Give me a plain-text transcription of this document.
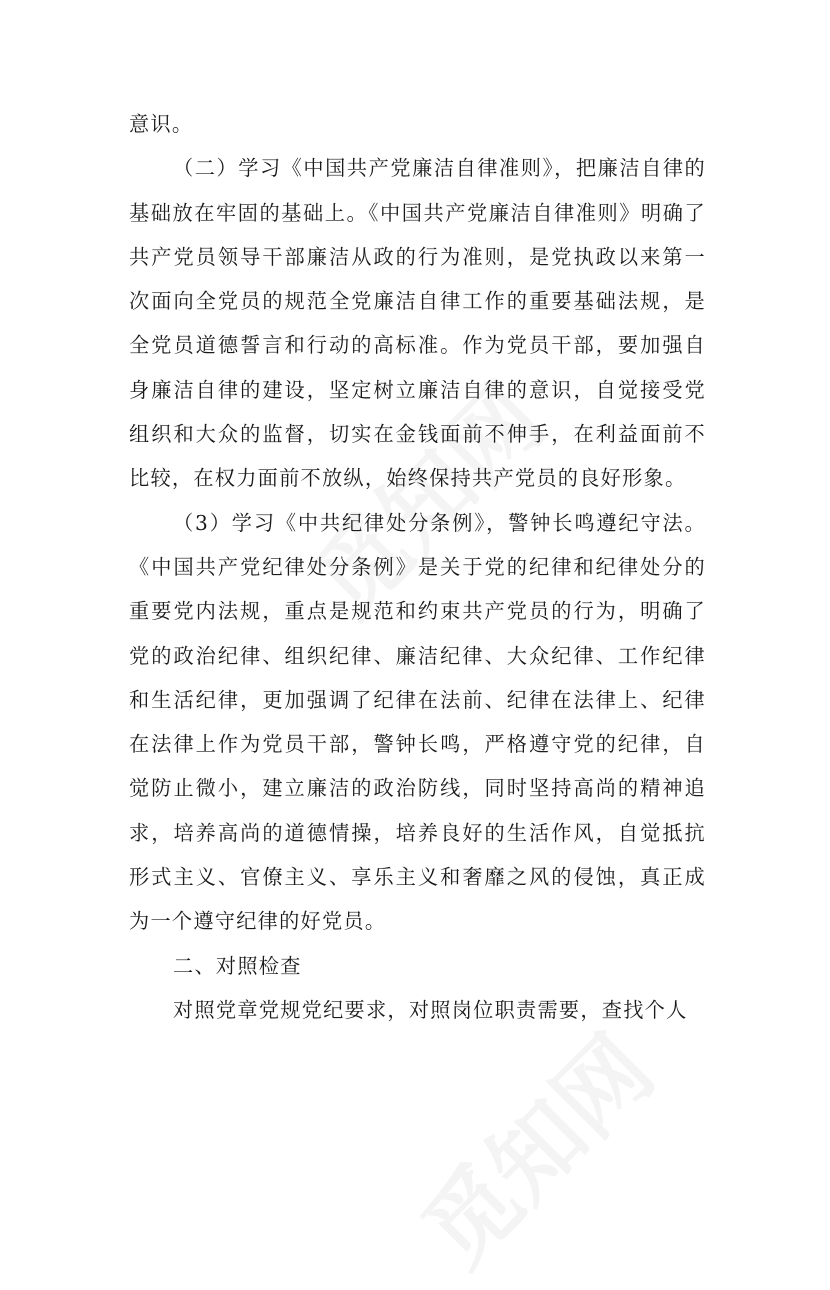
意识。

（二）学习《中国共产党廉洁自律准则》，把廉洁自律的基础放在牢固的基础上。《中国共产党廉洁自律准则》明确了共产党员领导干部廉洁从政的行为准则，是党执政以来第一次面向全党员的规范全党廉洁自律工作的重要基础法规，是全党员道德誓言和行动的高标准。作为党员干部，要加强自身廉洁自律的建设，坚定树立廉洁自律的意识，自觉接受党组织和大众的监督，切实在金钱面前不伸手，在利益面前不比较，在权力面前不放纵，始终保持共产党员的良好形象。

（3）学习《中共纪律处分条例》，警钟长鸣遵纪守法。《中国共产党纪律处分条例》是关于党的纪律和纪律处分的重要党内法规，重点是规范和约束共产党员的行为，明确了党的政治纪律、组织纪律、廉洁纪律、大众纪律、工作纪律和生活纪律，更加强调了纪律在法前、纪律在法律上、纪律在法律上作为党员干部，警钟长鸣，严格遵守党的纪律，自觉防止微小，建立廉洁的政治防线，同时坚持高尚的精神追求，培养高尚的道德情操，培养良好的生活作风，自觉抵抗形式主义、官僚主义、享乐主义和奢靡之风的侵蚀，真正成为一个遵守纪律的好党员。

二、对照检查

对照党章党规党纪要求，对照岗位职责需要，查找个人
